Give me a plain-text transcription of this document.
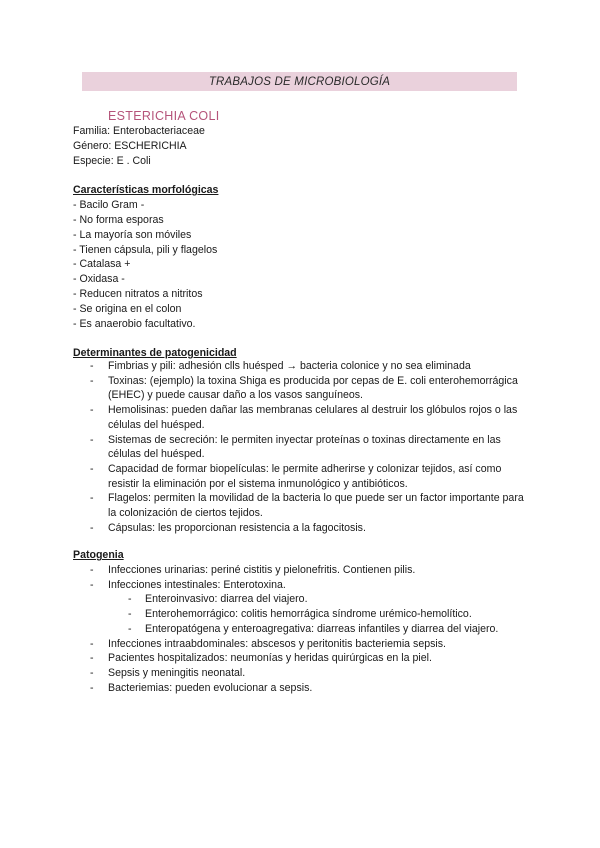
TRABAJOS DE MICROBIOLOGÍA
ESTERICHIA COLI
Familia: Enterobacteriaceae
Género: ESCHERICHIA
Especie: E . Coli
Características morfológicas
- Bacilo Gram -
- No forma esporas
- La mayoría son móviles
- Tienen cápsula, pili y flagelos
- Catalasa +
- Oxidasa -
- Reducen nitratos a nitritos
- Se origina en el colon
- Es anaerobio facultativo.
Determinantes de patogenicidad
- Fimbrias y pili: adhesión clls huésped → bacteria colonice y no sea eliminada
- Toxinas: (ejemplo) la toxina Shiga es producida por cepas de E. coli enterohemorrágica (EHEC) y puede causar daño a los vasos sanguíneos.
- Hemolisinas: pueden dañar las membranas celulares al destruir los glóbulos rojos o las células del huésped.
- Sistemas de secreción: le permiten inyectar proteínas o toxinas directamente en las células del huésped.
- Capacidad de formar biopelículas: le permite adherirse y colonizar tejidos, así como resistir la eliminación por el sistema inmunológico y antibióticos.
- Flagelos: permiten la movilidad de la bacteria lo que puede ser un factor importante para la colonización de ciertos tejidos.
- Cápsulas: les proporcionan resistencia a la fagocitosis.
Patogenia
- Infecciones urinarias: periné cistitis y pielonefritis. Contienen pilis.
- Infecciones intestinales: Enterotoxina.
- Enteroinvasivo: diarrea del viajero.
- Enterohemorrágico: colitis hemorrágica síndrome urémico-hemolítico.
- Enteropatógena y enteroagregativa: diarreas infantiles y diarrea del viajero.
- Infecciones intraabdominales: abscesos y peritonitis bacteriemia sepsis.
- Pacientes hospitalizados: neumonías y heridas quirúrgicas en la piel.
- Sepsis y meningitis neonatal.
- Bacteriemias: pueden evolucionar a sepsis.
